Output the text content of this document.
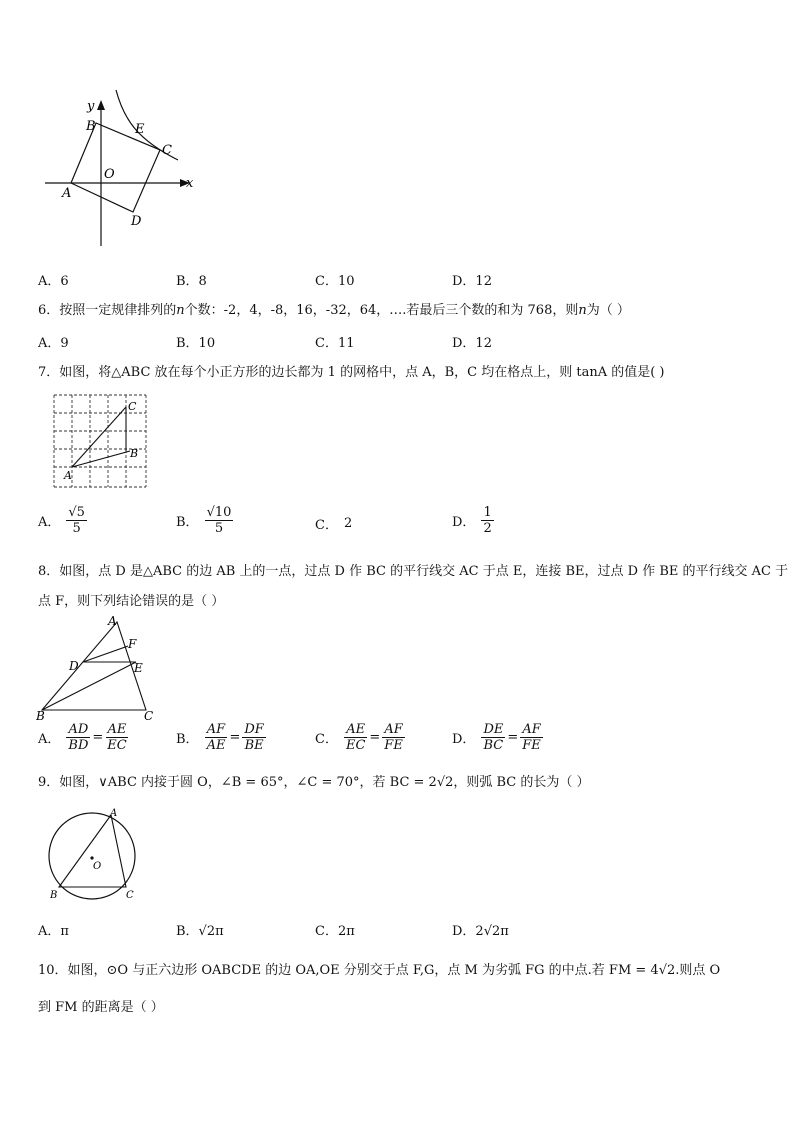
y
B	E
C
O
x
A
D
A．6	B．8	C．10	D．12
6．按照一定规律排列的n个数：-2，4，-8，16，-32，64，….若最后三个数的和为 768，则n为（ ）
A．9	B．10	C．11	D．12
7．如图，将△ABC 放在每个小正方形的边长都为 1 的网格中，点 A，B，C 均在格点上，则 tanA 的值是( )
C
B
A
A． $\frac{√5}{5}$	B． $\frac{√10}{5}$	C． 2	D． $\frac{1}{2}$
8．如图，点 D 是△ABC 的边 AB 上的一点，过点 D 作 BC 的平行线交 AC 于点 E，连接 BE，过点 D 作 BE 的平行线交 AC 于
点 F，则下列结论错误的是（ ）
A
F
D	E
B	C
A． $\frac{AD}{BD} = \frac{AE}{EC}$	B． $\frac{AF}{AE} = \frac{DF}{BE}$	C． $\frac{AE}{EC} = \frac{AF}{FE}$	D． $\frac{DE}{BC} = \frac{AF}{FE}$
9．如图，∨ABC 内接于圆 O，∠B = 65°，∠C = 70°，若 BC = 2√2，则弧 BC 的长为（ ）
A
O
B	C
A．π	B．√2π	C．2π	D．2√2π
10．如图，⊙O 与正六边形 OABCDE 的边 OA,OE 分别交于点 F,G，点 M 为劣弧 FG 的中点.若 FM = 4√2.则点 O
到 FM 的距离是（ ）
